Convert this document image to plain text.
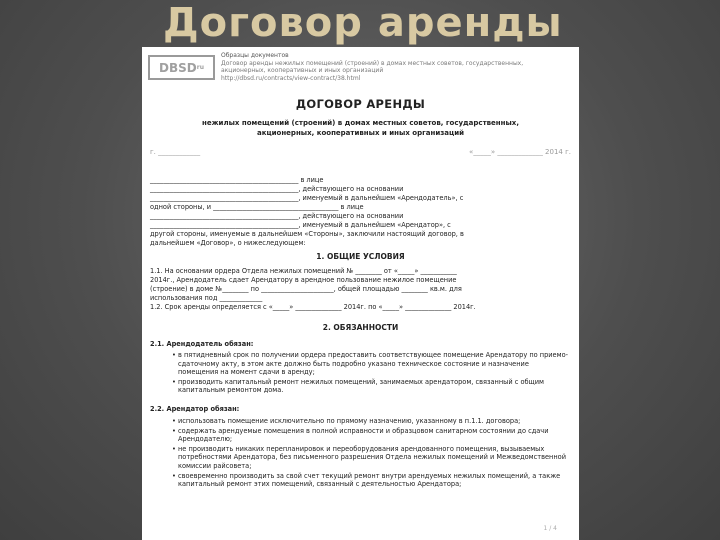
Договор аренды
DBSD ru
Образцы документов
Договор аренды нежилых помещений (строений) в домах местных советов, государственных,
акционерных, кооперативных и иных организаций
http://dbsd.ru/contracts/view-contract/38.html
ДОГОВОР АРЕНДЫ
нежилых помещений (строений) в домах местных советов, государственных,
акционерных, кооперативных и иных организаций
г. ____________	«_____» _____________ 2014 г.
_____________________________________________ в лице
_____________________________________________, действующего на основании
_____________________________________________, именуемый в дальнейшем «Арендодатель», с
одной стороны, и ______________________________________ в лице
_____________________________________________, действующего на основании
_____________________________________________, именуемый в дальнейшем «Арендатор», с
другой стороны, именуемые в дальнейшем «Стороны», заключили настоящий договор, в
дальнейшем «Договор», о нижеследующем:
1. ОБЩИЕ УСЛОВИЯ
1.1. На основании ордера Отдела нежилых помещений № ________ от «_____» ___________
2014г., Арендодатель сдает Арендатору в арендное пользование нежилое помещение
(строение) в доме №________ по ______________________, общей площадью ________ кв.м. для
использования под _____________
1.2. Срок аренды определяется с «_____» ______________ 2014г. по «_____» ______________ 2014г.
2. ОБЯЗАННОСТИ
2.1. Арендодатель обязан:
• в пятидневный срок по получении ордера предоставить соответствующее помещение Арендатору по приемо-сдаточному акту, в этом акте должно быть подробно указано техническое состояние и назначение помещения на момент сдачи в аренду;
• производить капитальный ремонт нежилых помещений, занимаемых арендатором, связанный с общим капитальным ремонтом дома.
2.2. Арендатор обязан:
• использовать помещение исключительно по прямому назначению, указанному в п.1.1. договора;
• содержать арендуемые помещения в полной исправности и образцовом санитарном состоянии до сдачи Арендодателю;
• не производить никаких перепланировок и переоборудования арендованного помещения, вызываемых потребностями Арендатора, без письменного разрешения Отдела нежилых помещений и Межведомственной комиссии райсовета;
• своевременно производить за свой счет текущий ремонт внутри арендуемых нежилых помещений, а также капитальный ремонт этих помещений, связанный с деятельностью Арендатора;
1 / 4
